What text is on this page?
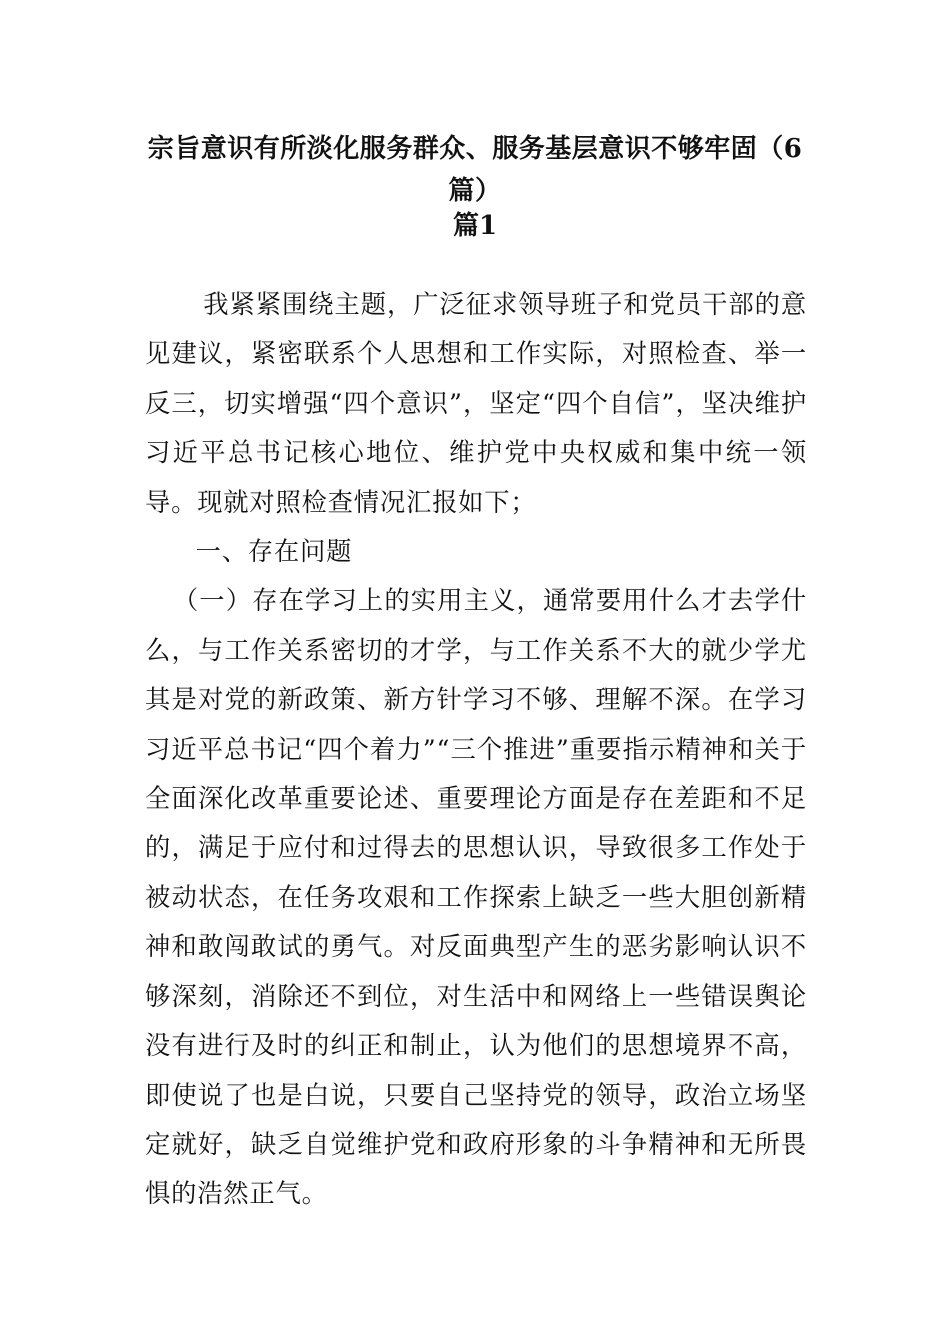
宗旨意识有所淡化服务群众、服务基层意识不够牢固（6篇）
篇1

我紧紧围绕主题，广泛征求领导班子和党员干部的意见建议，紧密联系个人思想和工作实际，对照检查、举一反三，切实增强“四个意识”，坚定“四个自信”，坚决维护习近平总书记核心地位、维护党中央权威和集中统一领导。现就对照检查情况汇报如下；

一、存在问题

（一）存在学习上的实用主义，通常要用什么才去学什么，与工作关系密切的才学，与工作关系不大的就少学尤其是对党的新政策、新方针学习不够、理解不深。在学习习近平总书记“四个着力”“三个推进”重要指示精神和关于全面深化改革重要论述、重要理论方面是存在差距和不足的，满足于应付和过得去的思想认识，导致很多工作处于被动状态，在任务攻艰和工作探索上缺乏一些大胆创新精神和敢闯敢试的勇气。对反面典型产生的恶劣影响认识不够深刻，消除还不到位，对生活中和网络上一些错误舆论没有进行及时的纠正和制止，认为他们的思想境界不高，即使说了也是白说，只要自己坚持党的领导，政治立场坚定就好，缺乏自觉维护党和政府形象的斗争精神和无所畏惧的浩然正气。
